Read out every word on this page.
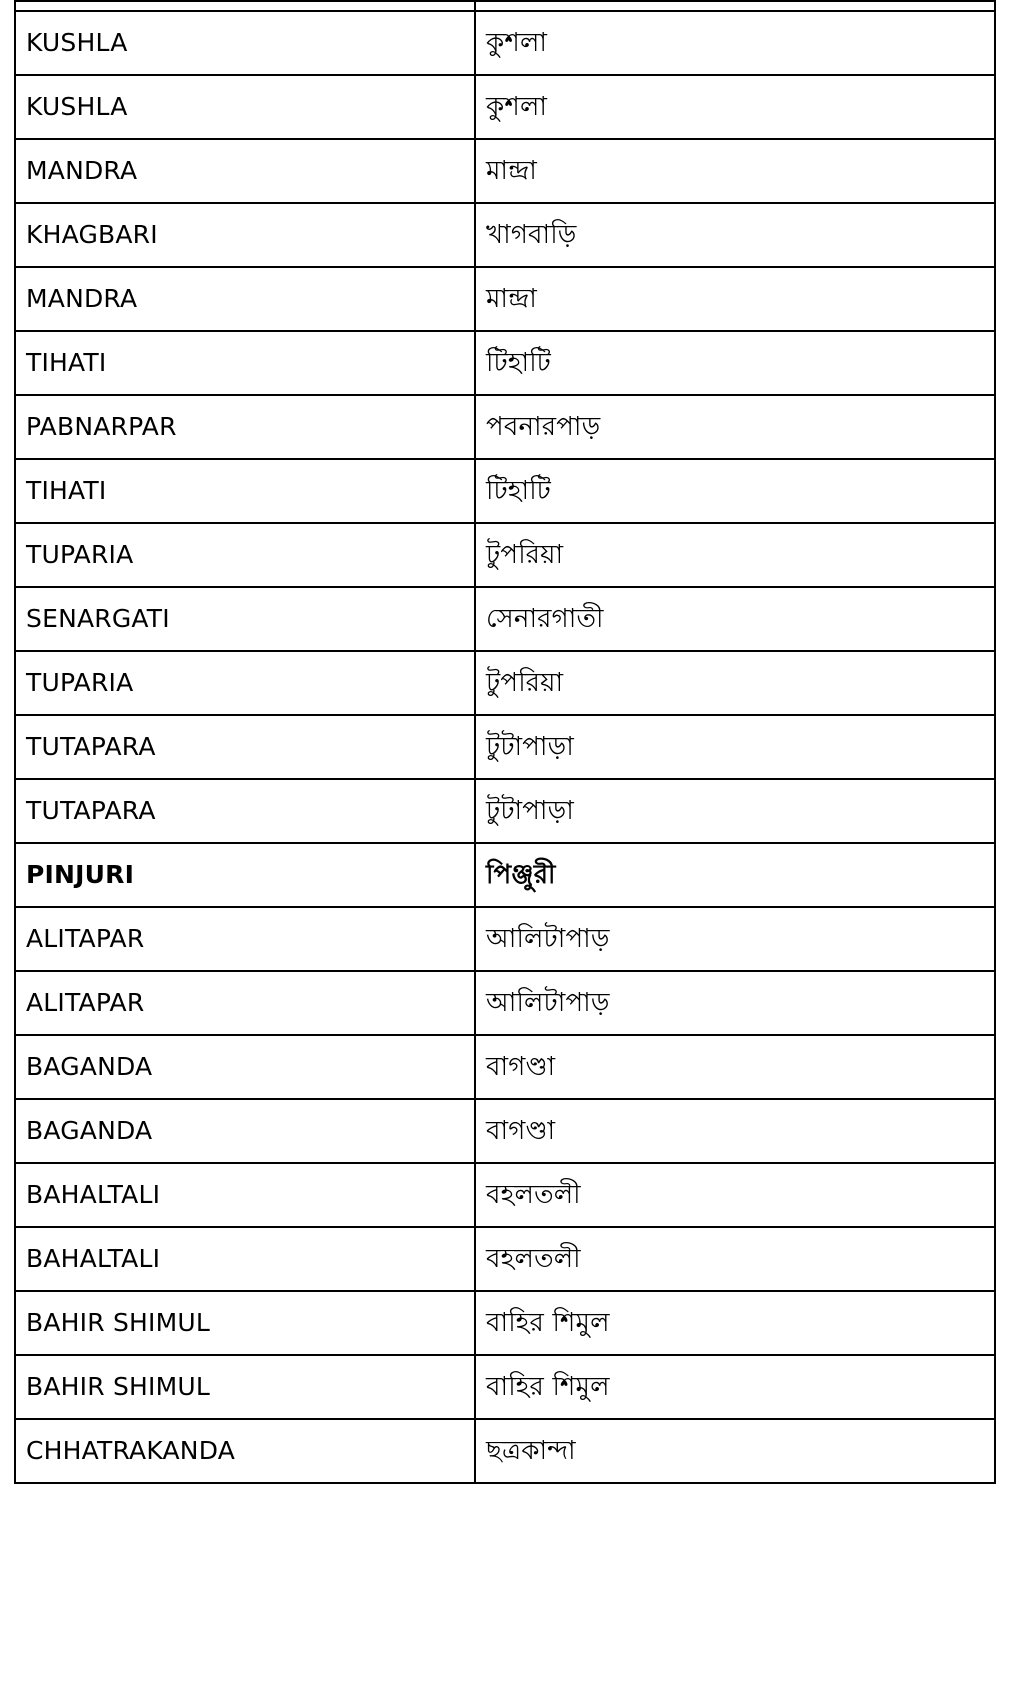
KUSHLA	কুশলা
KUSHLA	কুশলা
MANDRA	মান্দ্রা
KHAGBARI	খাগবাড়ি
MANDRA	মান্দ্রা
TIHATI	টিহাটি
PABNARPAR	পবনারপাড়
TIHATI	টিহাটি
TUPARIA	টুপরিয়া
SENARGATI	সেনারগাতী
TUPARIA	টুপরিয়া
TUTAPARA	টুটাপাড়া
TUTAPARA	টুটাপাড়া
PINJURI	পিঞ্জুরী
ALITAPAR	আলিটাপাড়
ALITAPAR	আলিটাপাড়
BAGANDA	বাগণ্ডা
BAGANDA	বাগণ্ডা
BAHALTALI	বহলতলী
BAHALTALI	বহলতলী
BAHIR SHIMUL	বাহির শিমুল
BAHIR SHIMUL	বাহির শিমুল
CHHATRAKANDA	ছত্রকান্দা
